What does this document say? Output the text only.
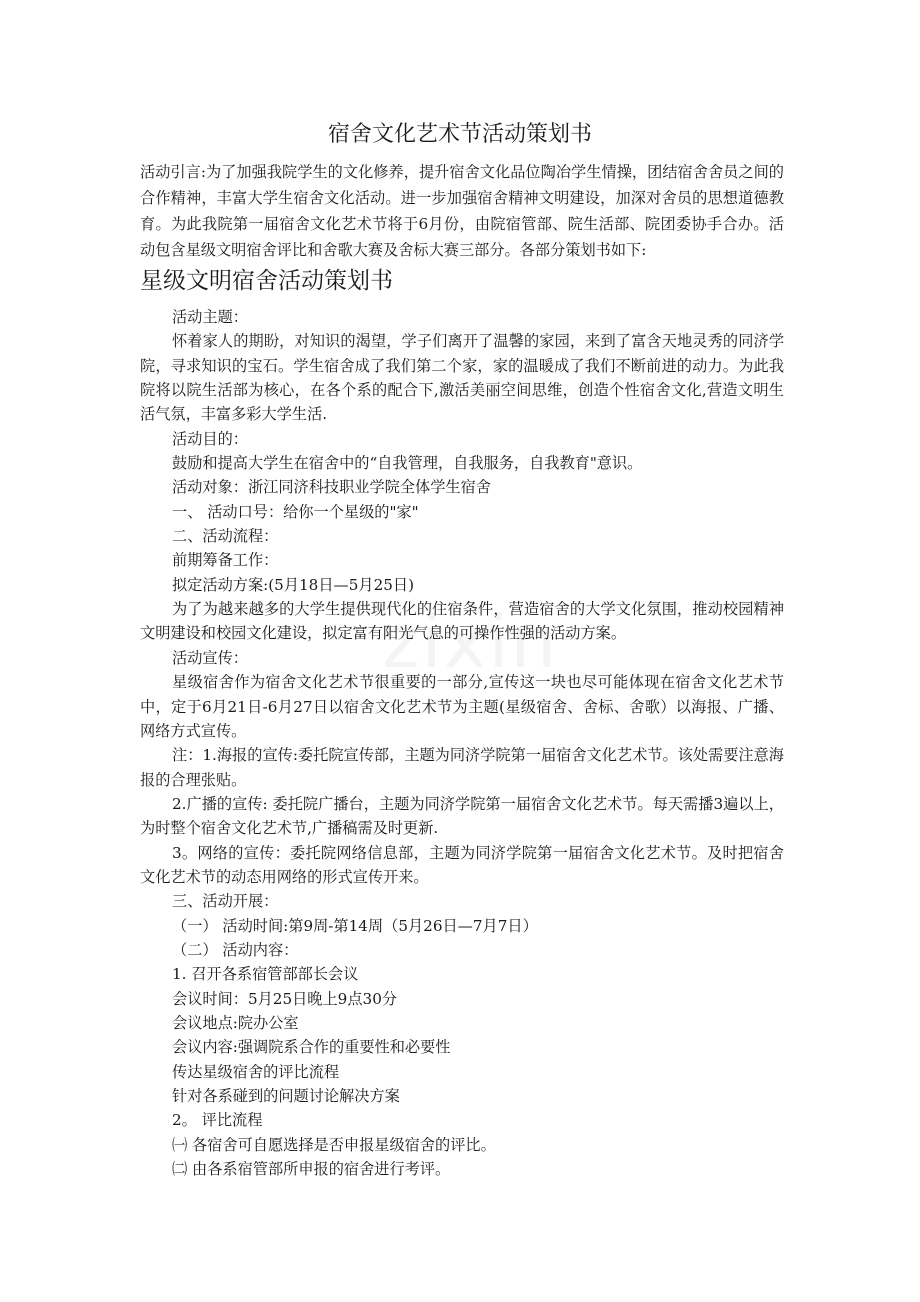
宿舍文化艺术节活动策划书
活动引言:为了加强我院学生的文化修养，提升宿舍文化品位陶冶学生情操，团结宿舍舍员之间的合作精神，丰富大学生宿舍文化活动。进一步加强宿舍精神文明建设，加深对舍员的思想道德教育。为此我院第一届宿舍文化艺术节将于6月份，由院宿管部、院生活部、院团委协手合办。活动包含星级文明宿舍评比和舍歌大赛及舍标大赛三部分。各部分策划书如下:
星级文明宿舍活动策划书

活动主题：

怀着家人的期盼，对知识的渴望，学子们离开了温馨的家园，来到了富含天地灵秀的同济学院，寻求知识的宝石。学生宿舍成了我们第二个家，家的温暖成了我们不断前进的动力。为此我院将以院生活部为核心，在各个系的配合下,激活美丽空间思维，创造个性宿舍文化,营造文明生活气氛，丰富多彩大学生活.

活动目的：

鼓励和提高大学生在宿舍中的“自我管理，自我服务，自我教育"意识。

活动对象：浙江同济科技职业学院全体学生宿舍

一、 活动口号：给你一个星级的"家"

二、活动流程：

前期筹备工作：

拟定活动方案:(5月18日—5月25日)

为了为越来越多的大学生提供现代化的住宿条件，营造宿舍的大学文化氛围，推动校园精神文明建设和校园文化建设，拟定富有阳光气息的可操作性强的活动方案。

活动宣传：

星级宿舍作为宿舍文化艺术节很重要的一部分,宣传这一块也尽可能体现在宿舍文化艺术节中，定于6月21日-6月27日以宿舍文化艺术节为主题(星级宿舍、舍标、舍歌）以海报、广播、网络方式宣传。

注：1.海报的宣传:委托院宣传部，主题为同济学院第一届宿舍文化艺术节。该处需要注意海报的合理张贴。

2.广播的宣传: 委托院广播台，主题为同济学院第一届宿舍文化艺术节。每天需播3遍以上，为时整个宿舍文化艺术节,广播稿需及时更新.

3。网络的宣传：委托院网络信息部，主题为同济学院第一届宿舍文化艺术节。及时把宿舍文化艺术节的动态用网络的形式宣传开来。

三、活动开展：

（一） 活动时间:第9周-第14周（5月26日—7月7日）

（二） 活动内容：

1. 召开各系宿管部部长会议

会议时间：5月25日晚上9点30分

会议地点:院办公室

会议内容:强调院系合作的重要性和必要性

传达星级宿舍的评比流程

针对各系碰到的问题讨论解决方案

2。 评比流程

㈠ 各宿舍可自愿选择是否申报星级宿舍的评比。

㈡ 由各系宿管部所申报的宿舍进行考评。
